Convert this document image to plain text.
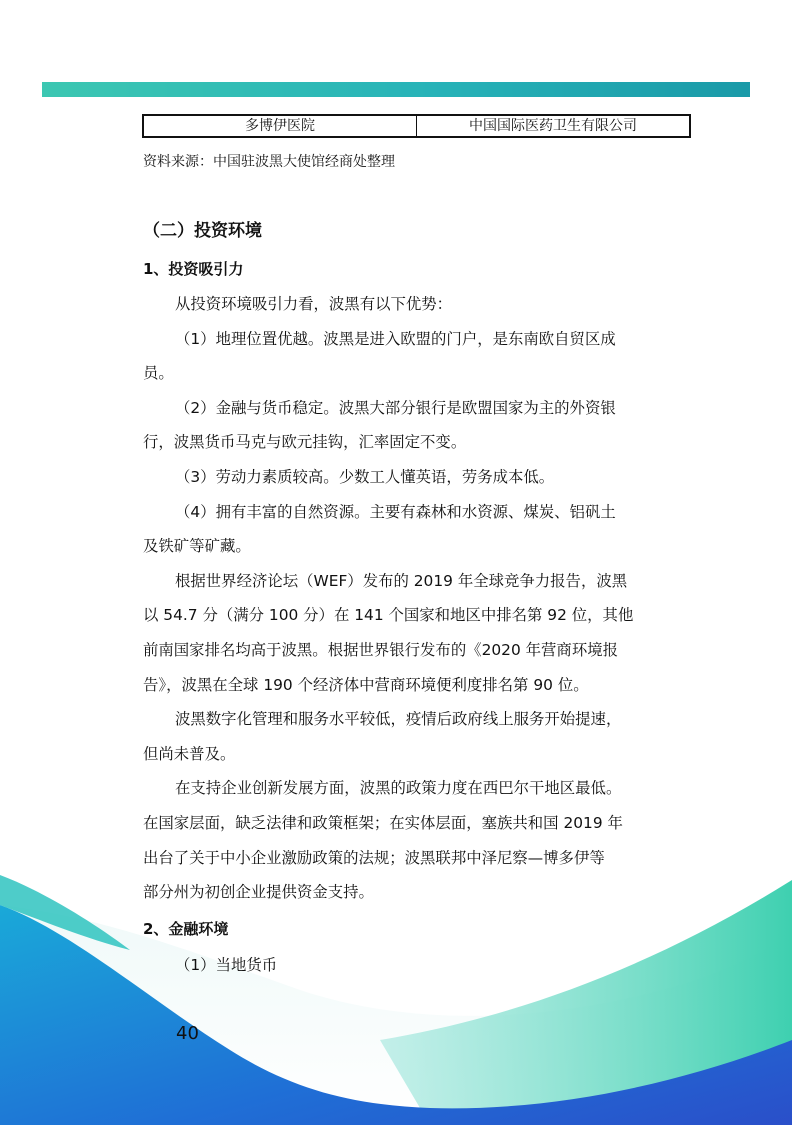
多博伊医院	中国国际医药卫生有限公司
资料来源：中国驻波黑大使馆经商处整理
（二）投资环境
1、投资吸引力
从投资环境吸引力看，波黑有以下优势：
（1）地理位置优越。波黑是进入欧盟的门户，是东南欧自贸区成
员。
（2）金融与货币稳定。波黑大部分银行是欧盟国家为主的外资银
行，波黑货币马克与欧元挂钩，汇率固定不变。
（3）劳动力素质较高。少数工人懂英语，劳务成本低。
（4）拥有丰富的自然资源。主要有森林和水资源、煤炭、铝矾土
及铁矿等矿藏。
根据世界经济论坛（WEF）发布的 2019 年全球竞争力报告，波黑
以 54.7 分（满分 100 分）在 141 个国家和地区中排名第 92 位，其他
前南国家排名均高于波黑。根据世界银行发布的《2020 年营商环境报
告》，波黑在全球 190 个经济体中营商环境便利度排名第 90 位。
波黑数字化管理和服务水平较低，疫情后政府线上服务开始提速，
但尚未普及。
在支持企业创新发展方面，波黑的政策力度在西巴尔干地区最低。
在国家层面，缺乏法律和政策框架；在实体层面，塞族共和国 2019 年
出台了关于中小企业激励政策的法规；波黑联邦中泽尼察—博多伊等
部分州为初创企业提供资金支持。
2、金融环境
（1）当地货币
40
